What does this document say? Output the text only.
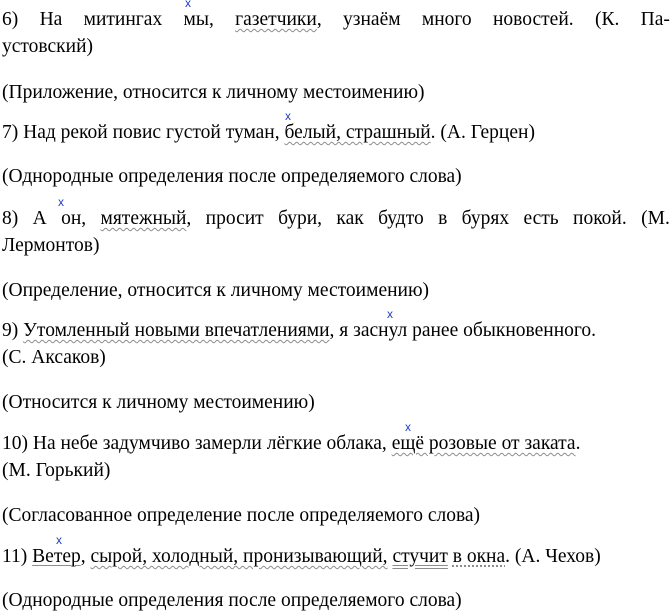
x
6) На митингах мы, газетчики, узнаём много новостей. (К. Па-
устовский)
(Приложение, относится к личному местоимению)
x
7) Над рекой повис густой туман, белый, страшный. (А. Герцен)
(Однородные определения после определяемого слова)
x
8) А он, мятежный, просит бури, как будто в бурях есть покой. (М.
Лермонтов)
(Определение, относится к личному местоимению)
x
9) Утомленный новыми впечатлениями, я заснул ранее обыкновенного.
(С. Аксаков)
(Относится к личному местоимению)
x
10) На небе задумчиво замерли лёгкие облака, ещё розовые от заката.
(М. Горький)
(Согласованное определение после определяемого слова)
x
11) Ветер, сырой, холодный, пронизывающий, стучит в окна. (А. Чехов)
(Однородные определения после определяемого слова)
